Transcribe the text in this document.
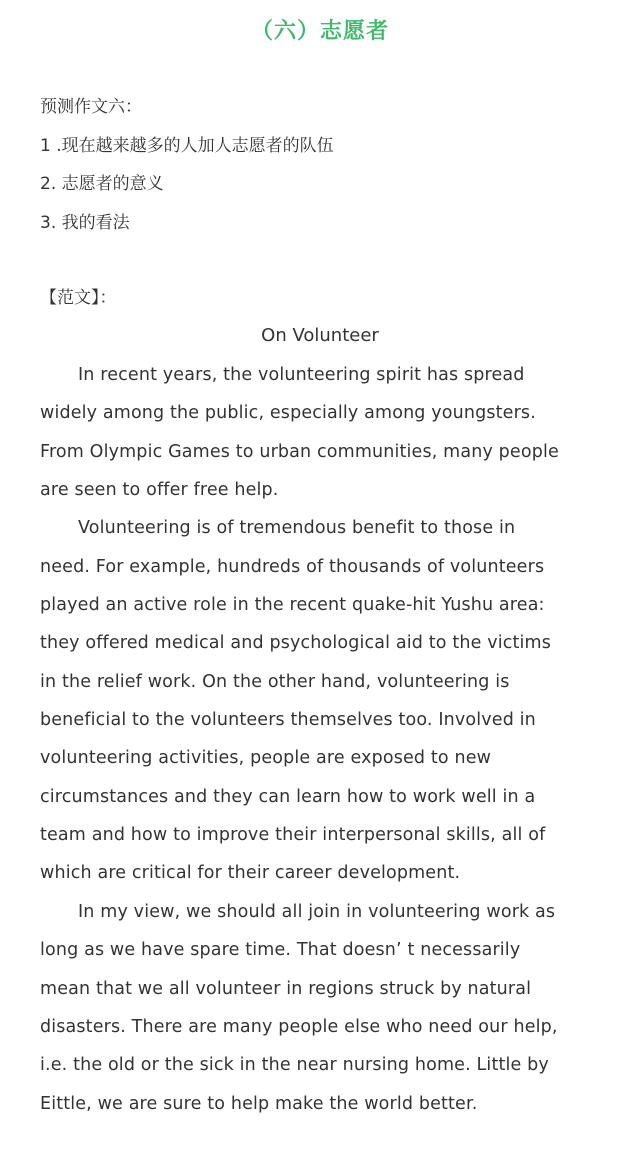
（六）志愿者
预测作文六：
1 .现在越来越多的人加人志愿者的队伍
2. 志愿者的意义
3. 我的看法
【范文】：
On Volunteer
In recent years, the volunteering spirit has spread
widely among the public, especially among youngsters.
From Olympic Games to urban communities, many people
are seen to offer free help.
Volunteering is of tremendous benefit to those in
need. For example, hundreds of thousands of volunteers
played an active role in the recent quake-hit Yushu area:
they offered medical and psychological aid to the victims
in the relief work. On the other hand, volunteering is
beneficial to the volunteers themselves too. Involved in
volunteering activities, people are exposed to new
circumstances and they can learn how to work well in a
team and how to improve their interpersonal skills, all of
which are critical for their career development.
In my view, we should all join in volunteering work as
long as we have spare time. That doesn’ t necessarily
mean that we all volunteer in regions struck by natural
disasters. There are many people else who need our help,
i.e. the old or the sick in the near nursing home. Little by
Eittle, we are sure to help make the world better.
